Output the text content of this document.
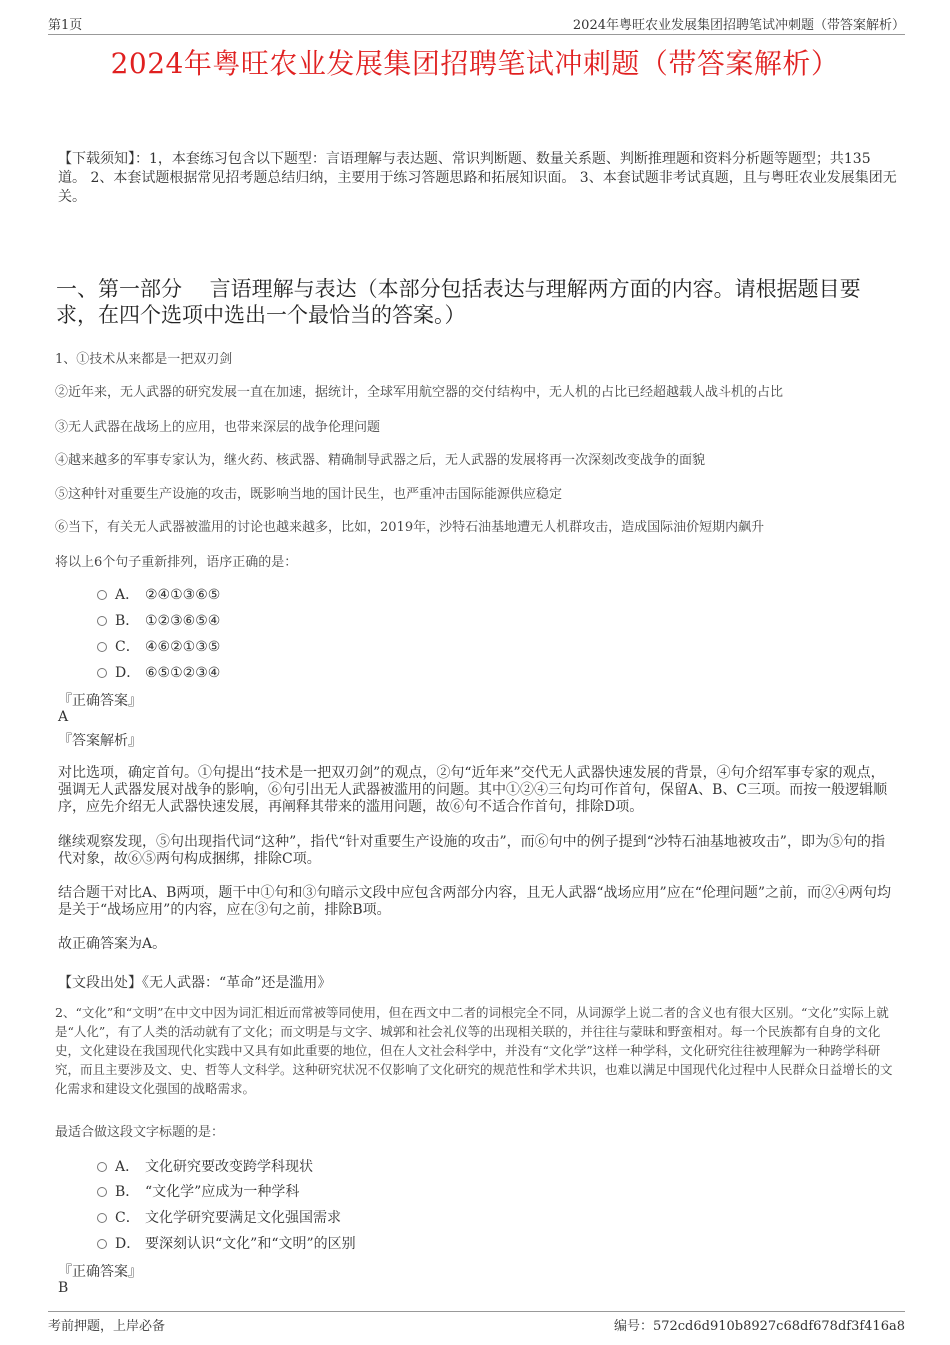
第1页	2024年粤旺农业发展集团招聘笔试冲刺题（带答案解析）
2024年粤旺农业发展集团招聘笔试冲刺题（带答案解析）
【下载须知】：1，本套练习包含以下题型：言语理解与表达题、常识判断题、数量关系题、判断推理题和资料分析题等题型；共135道。 2、本套试题根据常见招考题总结归纳，主要用于练习答题思路和拓展知识面。 3、本套试题非考试真题，且与粤旺农业发展集团无关。
一、第一部分　 言语理解与表达（本部分包括表达与理解两方面的内容。请根据题目要求，在四个选项中选出一个最恰当的答案。）
1、①技术从来都是一把双刃剑
②近年来，无人武器的研究发展一直在加速，据统计，全球军用航空器的交付结构中，无人机的占比已经超越载人战斗机的占比
③无人武器在战场上的应用，也带来深层的战争伦理问题
④越来越多的军事专家认为，继火药、核武器、精确制导武器之后，无人武器的发展将再一次深刻改变战争的面貌
⑤这种针对重要生产设施的攻击，既影响当地的国计民生，也严重冲击国际能源供应稳定
⑥当下，有关无人武器被滥用的讨论也越来越多，比如，2019年，沙特石油基地遭无人机群攻击，造成国际油价短期内飙升
将以上6个句子重新排列，语序正确的是：
A． ②④①③⑥⑤
B． ①②③⑥⑤④
C． ④⑥②①③⑤
D． ⑥⑤①②③④
『正确答案』
A
『答案解析』
对比选项，确定首句。①句提出“技术是一把双刃剑”的观点，②句“近年来”交代无人武器快速发展的背景，④句介绍军事专家的观点，强调无人武器发展对战争的影响，⑥句引出无人武器被滥用的问题。其中①②④三句均可作首句，保留A、B、C三项。而按一般逻辑顺序，应先介绍无人武器快速发展，再阐释其带来的滥用问题，故⑥句不适合作首句，排除D项。
继续观察发现，⑤句出现指代词“这种”，指代“针对重要生产设施的攻击”，而⑥句中的例子提到“沙特石油基地被攻击”，即为⑤句的指代对象，故⑥⑤两句构成捆绑，排除C项。
结合题干对比A、B两项，题干中①句和③句暗示文段中应包含两部分内容，且无人武器“战场应用”应在“伦理问题”之前，而②④两句均是关于“战场应用”的内容，应在③句之前，排除B项。
故正确答案为A。
【文段出处】《无人武器：“革命”还是滥用》
2、“文化”和“文明”在中文中因为词汇相近而常被等同使用，但在西文中二者的词根完全不同，从词源学上说二者的含义也有很大区别。“文化”实际上就是“人化”，有了人类的活动就有了文化；而文明是与文字、城郭和社会礼仪等的出现相关联的，并往往与蒙昧和野蛮相对。每一个民族都有自身的文化史，文化建设在我国现代化实践中又具有如此重要的地位，但在人文社会科学中，并没有“文化学”这样一种学科，文化研究往往被理解为一种跨学科研究，而且主要涉及文、史、哲等人文科学。这种研究状况不仅影响了文化研究的规范性和学术共识，也难以满足中国现代化过程中人民群众日益增长的文化需求和建设文化强国的战略需求。
最适合做这段文字标题的是：
A． 文化研究要改变跨学科现状
B． “文化学”应成为一种学科
C． 文化学研究要满足文化强国需求
D． 要深刻认识“文化”和“文明”的区别
『正确答案』
B
考前押题，上岸必备	编号：572cd6d910b8927c68df678df3f416a8
